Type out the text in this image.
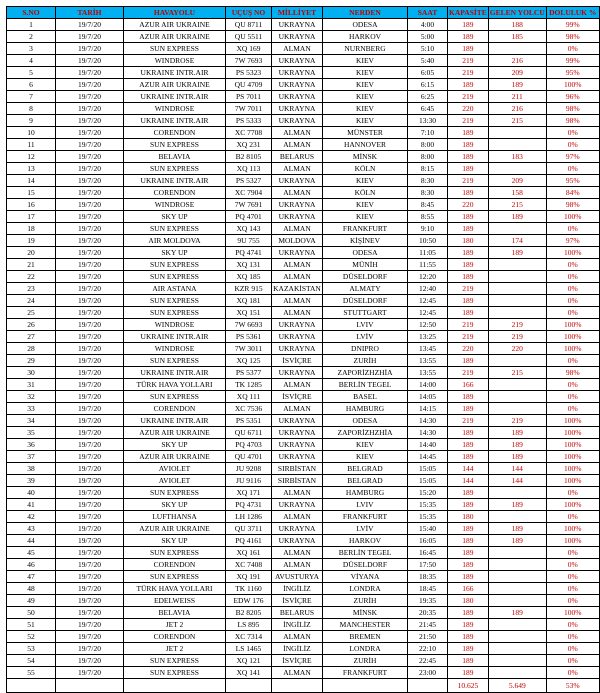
S.NO	TARİH	HAVAYOLU	UÇUŞ NO	MİLLİYET	NERDEN	SAAT	KAPASİTE	GELEN YOLCU	DOLULUK %
1	19/7/20	AZUR AIR UKRAINE	QU 8711	UKRAYNA	ODESA	4:00	189	188	99%
2	19/7/20	AZUR AIR UKRAINE	QU 5511	UKRAYNA	HARKOV	5:00	189	185	98%
3	19/7/20	SUN EXPRESS	XQ 169	ALMAN	NURNBERG	5:10	189		0%
4	19/7/20	WINDROSE	7W 7693	UKRAYNA	KIEV	5:40	219	216	99%
5	19/7/20	UKRAINE INTR.AIR	PS 5323	UKRAYNA	KIEV	6:05	219	209	95%
6	19/7/20	AZUR AIR UKRAINE	QU 4709	UKRAYNA	KIEV	6:15	189	189	100%
7	19/7/20	UKRAINE INTR.AIR	PS 7011	UKRAYNA	KIEV	6:25	219	211	96%
8	19/7/20	WINDROSE	7W 7011	UKRAYNA	KIEV	6:45	220	216	98%
9	19/7/20	UKRAINE INTR.AIR	PS 5333	UKRAYNA	KIEV	13:30	219	215	98%
10	19/7/20	CORENDON	XC 7708	ALMAN	MÜNSTER	7:10	189		0%
11	19/7/20	SUN EXPRESS	XQ 231	ALMAN	HANNOVER	8:00	189		0%
12	19/7/20	BELAVIA	B2 8105	BELARUS	MİNSK	8:00	189	183	97%
13	19/7/20	SUN EXPRESS	XQ 113	ALMAN	KÖLN	8:15	189		0%
14	19/7/20	UKRAINE INTR.AIR	PS 5327	UKRAYNA	KIEV	8:30	219	209	95%
15	19/7/20	CORENDON	XC 7904	ALMAN	KÖLN	8:30	189	158	84%
16	19/7/20	WINDROSE	7W 7691	UKRAYNA	KIEV	8:45	220	215	98%
17	19/7/20	SKY UP	PQ 4701	UKRAYNA	KIEV	8:55	189	189	100%
18	19/7/20	SUN EXPRESS	XQ 143	ALMAN	FRANKFURT	9:10	189		0%
19	19/7/20	AIR MOLDOVA	9U 755	MOLDOVA	KİŞİNEV	10:50	180	174	97%
20	19/7/20	SKY UP	PQ 4741	UKRAYNA	ODESA	11:05	189	189	100%
21	19/7/20	SUN EXPRESS	XQ 131	ALMAN	MÜNİH	11:55	189		0%
22	19/7/20	SUN EXPRESS	XQ 185	ALMAN	DÜSELDORF	12:20	189		0%
23	19/7/20	AIR ASTANA	KZR 915	KAZAKİSTAN	ALMATY	12:40	219		0%
24	19/7/20	SUN EXPRESS	XQ 181	ALMAN	DÜSELDORF	12:45	189		0%
25	19/7/20	SUN EXPRESS	XQ 151	ALMAN	STUTTGART	12:45	189		0%
26	19/7/20	WINDROSE	7W 6693	UKRAYNA	LVIV	12:50	219	219	100%
27	19/7/20	UKRAINE INTR.AIR	PS 5361	UKRAYNA	LVİV	13:25	219	219	100%
28	19/7/20	WINDROSE	7W 3011	UKRAYNA	DNIPRO	13:45	220	220	100%
29	19/7/20	SUN EXPRESS	XQ 125	İSVİÇRE	ZURİH	13:55	189		0%
30	19/7/20	UKRAINE INTR.AIR	PS 5377	UKRAYNA	ZAPORİZHZHİA	13:55	219	215	98%
31	19/7/20	TÜRK HAVA YOLLARI	TK 1285	ALMAN	BERLİN TEGEL	14:00	166		0%
32	19/7/20	SUN EXPRESS	XQ 111	İSVİÇRE	BASEL	14:05	189		0%
33	19/7/20	CORENDON	XC 7536	ALMAN	HAMBURG	14:15	189		0%
34	19/7/20	UKRAINE INTR.AIR	PS 5351	UKRAYNA	ODESA	14:30	219	219	100%
35	19/7/20	AZUR AIR UKRAINE	QU 6711	UKRAYNA	ZAPORİZHZHİA	14:30	189	189	100%
36	19/7/20	SKY UP	PQ 4703	UKRAYNA	KIEV	14:40	189	189	100%
37	19/7/20	AZUR AIR UKRAINE	QU 4701	UKRAYNA	KIEV	14:45	189	189	100%
38	19/7/20	AVIOLET	JU 9208	SIRBİSTAN	BELGRAD	15:05	144	144	100%
39	19/7/20	AVIOLET	JU 9116	SIRBİSTAN	BELGRAD	15:05	144	144	100%
40	19/7/20	SUN EXPRESS	XQ 171	ALMAN	HAMBURG	15:20	189		0%
41	19/7/20	SKY UP	PQ 4731	UKRAYNA	LVIV	15:35	189	189	100%
42	19/7/20	LUFTHANSA	LH 1286	ALMAN	FRANKFURT	15:35	180		0%
43	19/7/20	AZUR AIR UKRAINE	QU 3711	UKRAYNA	LVİV	15:40	189	189	100%
44	19/7/20	SKY UP	PQ 4161	UKRAYNA	HARKOV	16:05	189	189	100%
45	19/7/20	SUN EXPRESS	XQ 161	ALMAN	BERLİN TEGEL	16:45	189		0%
46	19/7/20	CORENDON	XC 7408	ALMAN	DÜSELDORF	17:50	189		0%
47	19/7/20	SUN EXPRESS	XQ 191	AVUSTURYA	VİYANA	18:35	189		0%
48	19/7/20	TÜRK HAVA YOLLARI	TK 1160	İNGİLİZ	LONDRA	18:45	166		0%
49	19/7/20	EDELWEISS	EDW 176	İSVİÇRE	ZURİH	19:35	180		0%
50	19/7/20	BELAVIA	B2 8205	BELARUS	MİNSK	20:35	189	189	100%
51	19/7/20	JET 2	LS 895	İNGİLİZ	MANCHESTER	21:45	189		0%
52	19/7/20	CORENDON	XC 7314	ALMAN	BREMEN	21:50	189		0%
53	19/7/20	JET 2	LS 1465	İNGİLİZ	LONDRA	22:10	189		0%
54	19/7/20	SUN EXPRESS	XQ 121	İSVİÇRE	ZURİH	22:45	189		0%
55	19/7/20	SUN EXPRESS	XQ 141	ALMAN	FRANKFURT	23:00	189		0%
							10.625	5.649	53%
